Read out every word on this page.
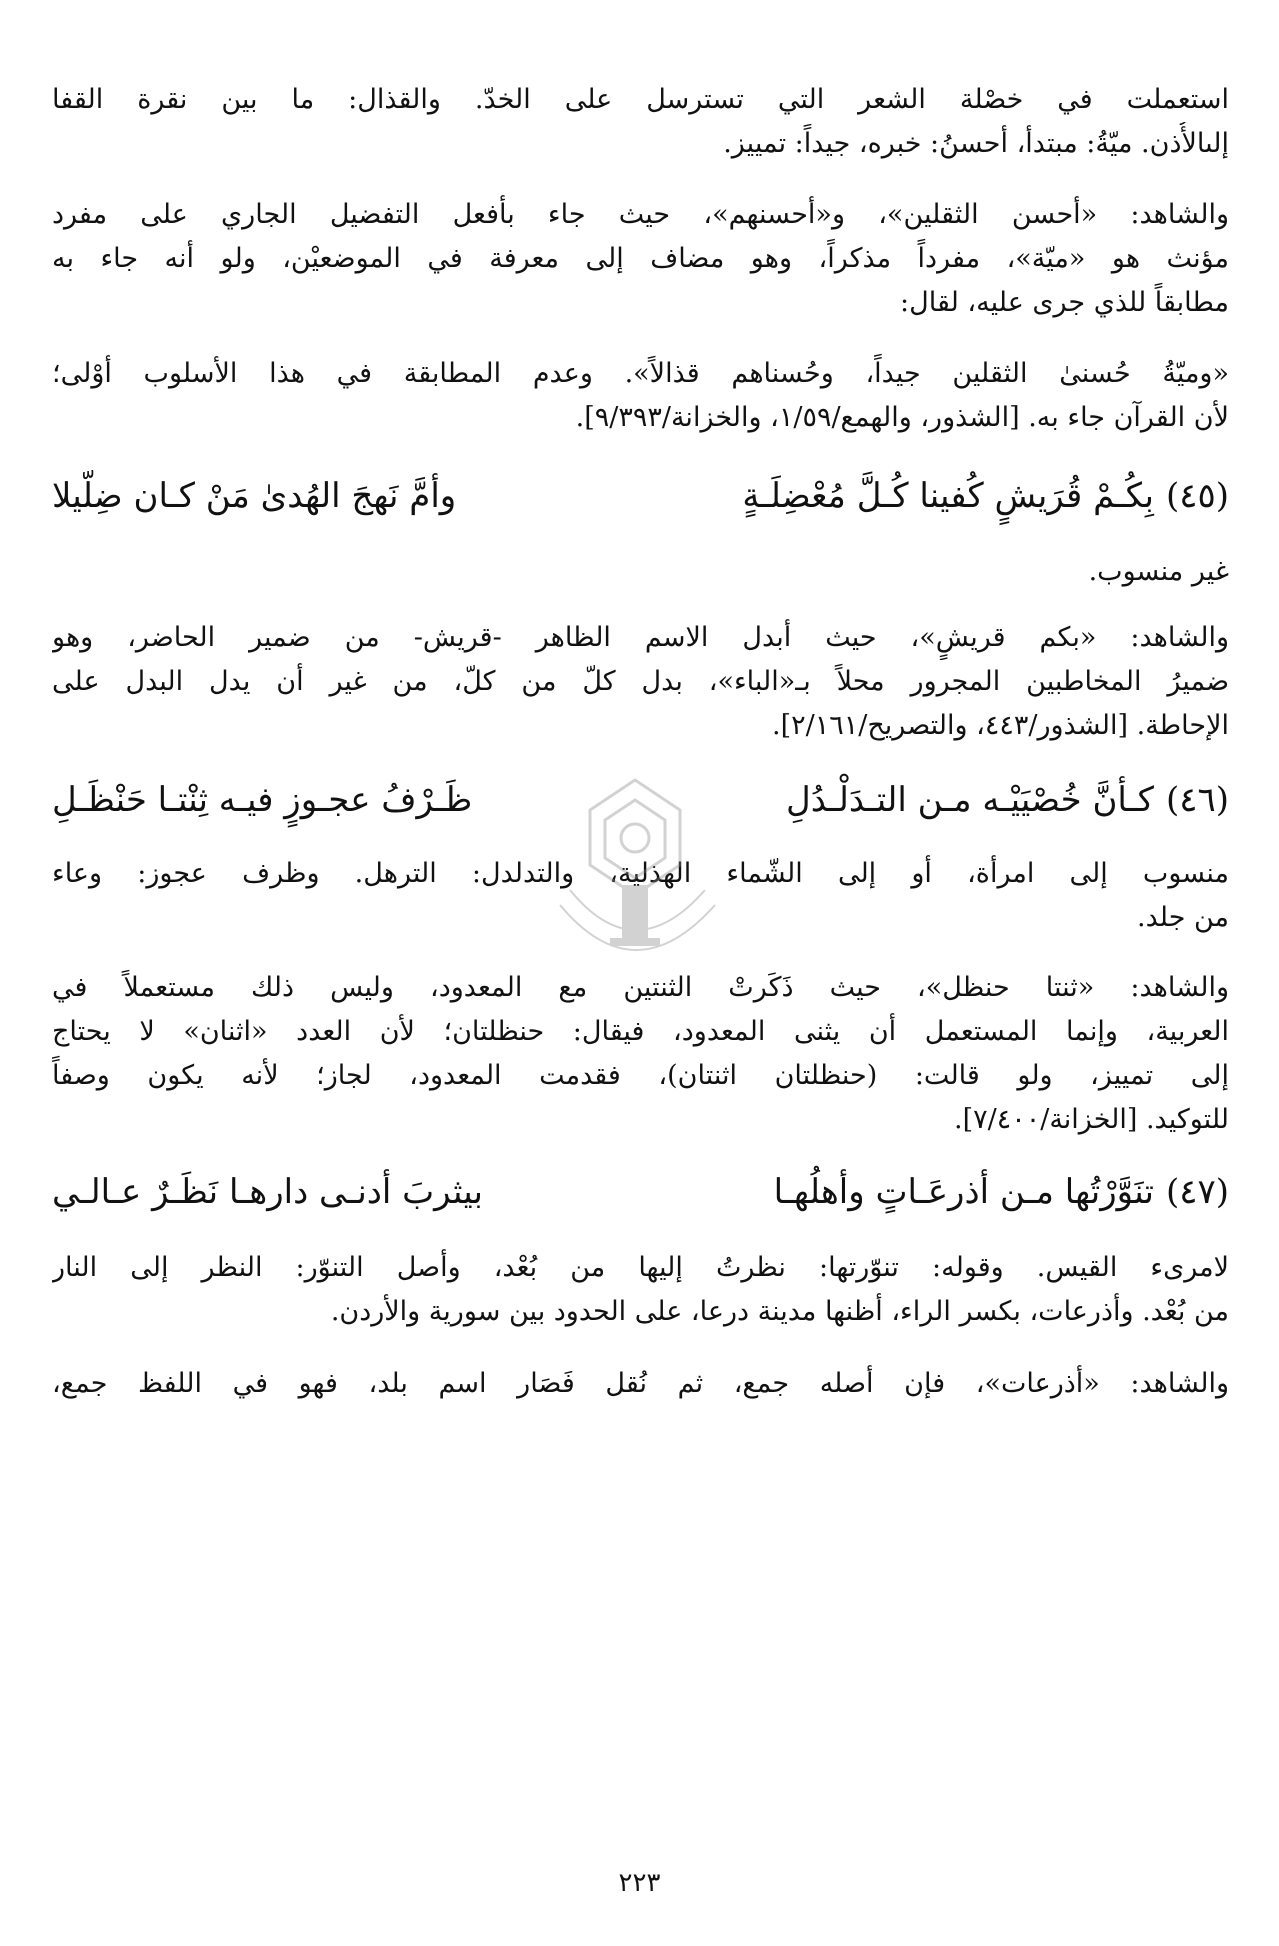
استعملت في خصْلة الشعر التي تسترسل على الخدّ. والقذال: ما بين نقرة القفا
إلىالأُذن. ميّةُ: مبتدأ، أحسنُ: خبره، جيداً: تمييز.
والشاهد: «أحسن الثقلين»، و«أحسنهم»، حيث جاء بأفعل التفضيل الجاري على مفرد
مؤنث هو «ميّة»، مفرداً مذكراً، وهو مضاف إلى معرفة في الموضعيْن، ولو أنه جاء به
مطابقاً للذي جرى عليه، لقال:
«وميّةُ حُسنىٰ الثقلين جيداً، وحُسناهم قذالاً». وعدم المطابقة في هذا الأسلوب أوْلى؛
لأن القرآن جاء به. [الشذور، والهمع/١/٥٩، والخزانة/٩/٣٩٣].
(٤٥)
بِكُـمْ قُرَيشٍ كُفينا كُـلَّ مُعْضِلَـةٍ
وأمَّ نَهجَ الهُدىٰ مَنْ كـان ضِلّيلا
غير منسوب.
والشاهد: «بكم قريشٍ»، حيث أبدل الاسم الظاهر -قريش- من ضمير الحاضر، وهو
ضميرُ المخاطبين المجرور محلاً بـ«الباء»، بدل كلّ من كلّ، من غير أن يدل البدل على
الإحاطة. [الشذور/٤٤٣، والتصريح/٢/١٦١].
(٤٦)
كـأنَّ خُصْيَيْـه مـن التـدَلْـدُلِ
ظَـرْفُ عجـوزٍ فيـه ثِنْتـا حَنْظَـلِ
منسوب إلى امرأة، أو إلى الشّماء الهذلية، والتدلدل: الترهل. وظرف عجوز: وعاء
من جلد.
والشاهد: «ثنتا حنظل»، حيث ذَكَرتْ الثنتين مع المعدود، وليس ذلك مستعملاً في
العربية، وإنما المستعمل أن يثنى المعدود، فيقال: حنظلتان؛ لأن العدد «اثنان» لا يحتاج
إلى تمييز، ولو قالت: (حنظلتان اثنتان)، فقدمت المعدود، لجاز؛ لأنه يكون وصفاً
للتوكيد. [الخزانة/٧/٤٠٠].
(٤٧)
تنَوَّرْتُها مـن أذرعَـاتٍ وأهلُهـا
بيثربَ أدنـى دارهـا نَظَـرٌ عـالـي
لامرىء القيس. وقوله: تنوّرتها: نظرتُ إليها من بُعْد، وأصل التنوّر: النظر إلى النار
من بُعْد. وأذرعات، بكسر الراء، أظنها مدينة درعا، على الحدود بين سورية والأردن.
والشاهد: «أذرعات»، فإن أصله جمع، ثم نُقل فَصَار اسم بلد، فهو في اللفظ جمع،
٢٢٣
